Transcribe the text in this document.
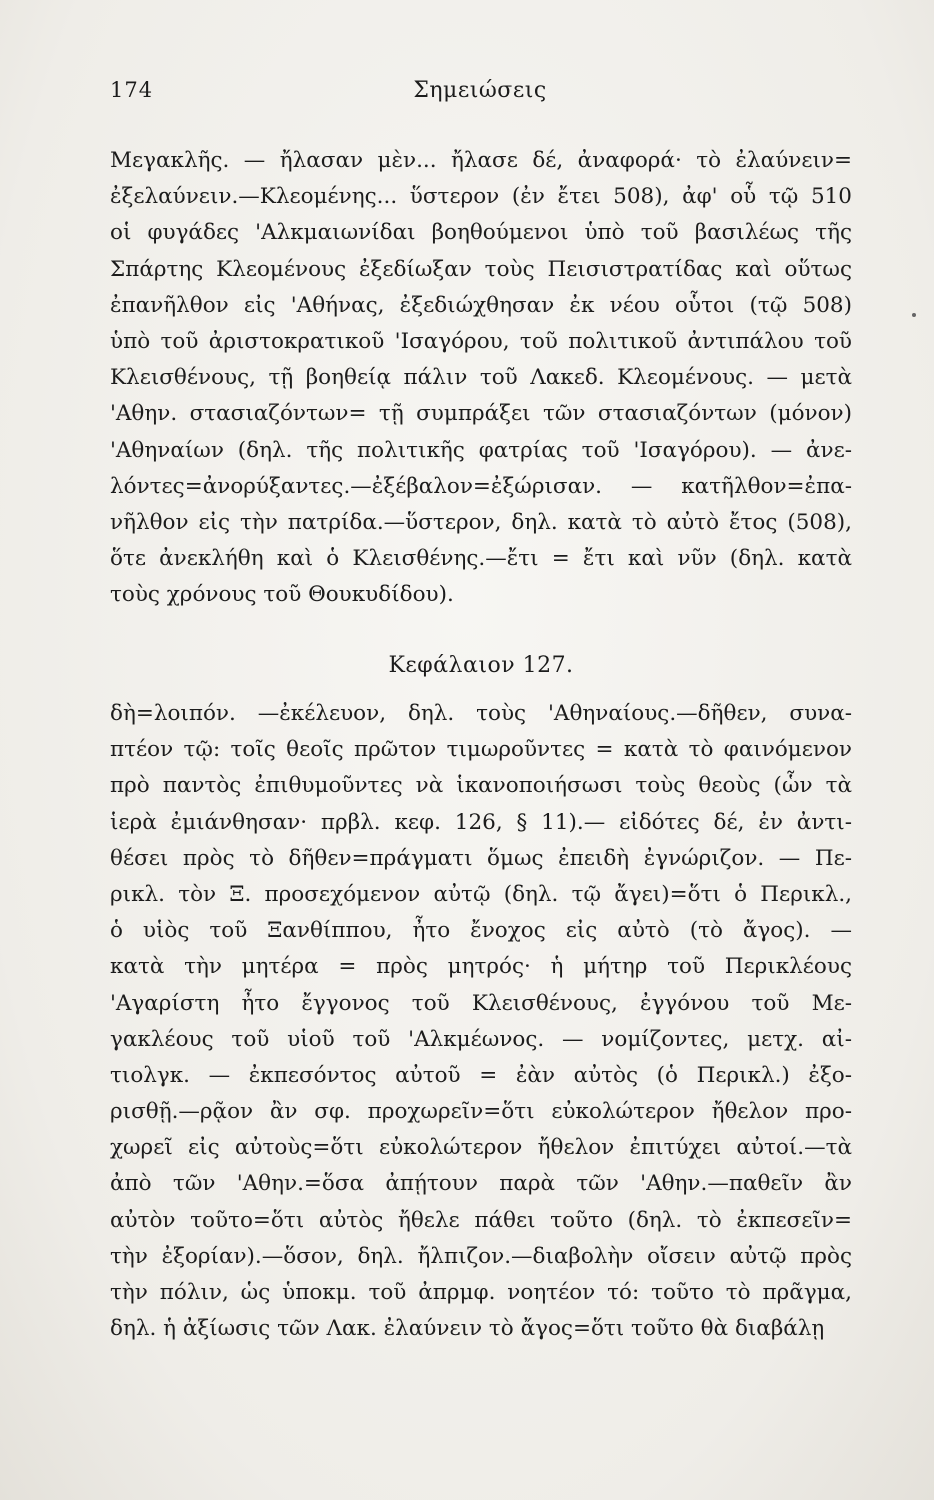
174	Σημειώσεις
Μεγακλῆς. — ἤλασαν μὲν... ἤλασε δέ, ἀναφορά· τὸ ἐλαύνειν=
ἐξελαύνειν.—Κλεομένης... ὕστερον (ἐν ἔτει 508), ἀφ' οὗ τῷ 510
οἱ φυγάδες 'Αλκμαιωνίδαι βοηθούμενοι ὑπὸ τοῦ βασιλέως τῆς
Σπάρτης Κλεομένους ἐξεδίωξαν τοὺς Πεισιστρατίδας καὶ οὕτως
ἐπανῆλθον εἰς 'Αθήνας, ἐξεδιώχθησαν ἐκ νέου οὗτοι (τῷ 508)
ὑπὸ τοῦ ἀριστοκρατικοῦ 'Ισαγόρου, τοῦ πολιτικοῦ ἀντιπάλου τοῦ
Κλεισθένους, τῇ βοηθείᾳ πάλιν τοῦ Λακεδ. Κλεομένους. — μετὰ
'Αθην. στασιαζόντων= τῇ συμπράξει τῶν στασιαζόντων (μόνον)
'Αθηναίων (δηλ. τῆς πολιτικῆς φατρίας τοῦ 'Ισαγόρου). — ἀνε-
λόντες=ἀνορύξαντες.—ἐξέβαλον=ἐξώρισαν. — κατῆλθον=ἐπα-
νῆλθον εἰς τὴν πατρίδα.—ὕστερον, δηλ. κατὰ τὸ αὐτὸ ἔτος (508),
ὅτε ἀνεκλήθη καὶ ὁ Κλεισθένης.—ἔτι = ἔτι καὶ νῦν (δηλ. κατὰ
τοὺς χρόνους τοῦ Θουκυδίδου).
Κεφάλαιον 127.
δὴ=λοιπόν. —ἐκέλευον, δηλ. τοὺς 'Αθηναίους.—δῆθεν, συνα-
πτέον τῷ: τοῖς θεοῖς πρῶτον τιμωροῦντες = κατὰ τὸ φαινόμενον
πρὸ παντὸς ἐπιθυμοῦντες νὰ ἱκανοποιήσωσι τοὺς θεοὺς (ὧν τὰ
ἱερὰ ἐμιάνθησαν· πρβλ. κεφ. 126, § 11).— εἰδότες δέ, ἐν ἀντι-
θέσει πρὸς τὸ δῆθεν=πράγματι ὅμως ἐπειδὴ ἐγνώριζον. — Πε-
ρικλ. τὸν Ξ. προσεχόμενον αὐτῷ (δηλ. τῷ ἄγει)=ὅτι ὁ Περικλ.,
ὁ υἱὸς τοῦ Ξανθίππου, ἦτο ἔνοχος εἰς αὐτὸ (τὸ ἄγος). —
κατὰ τὴν μητέρα = πρὸς μητρός· ἡ μήτηρ τοῦ Περικλέους
'Αγαρίστη ἦτο ἔγγονος τοῦ Κλεισθένους, ἐγγόνου τοῦ Με-
γακλέους τοῦ υἱοῦ τοῦ 'Αλκμέωνος. — νομίζοντες, μετχ. αἰ-
τιολγκ. — ἐκπεσόντος αὐτοῦ = ἐὰν αὐτὸς (ὁ Περικλ.) ἐξο-
ρισθῇ.—ρᾷον ἂν σφ. προχωρεῖν=ὅτι εὐκολώτερον ἤθελον προ-
χωρεῖ εἰς αὐτοὺς=ὅτι εὐκολώτερον ἤθελον ἐπιτύχει αὐτοί.—τὰ
ἀπὸ τῶν 'Αθην.=ὅσα ἀπῄτουν παρὰ τῶν 'Αθην.—παθεῖν ἂν
αὐτὸν τοῦτο=ὅτι αὐτὸς ἤθελε πάθει τοῦτο (δηλ. τὸ ἐκπεσεῖν=
τὴν ἐξορίαν).—ὅσον, δηλ. ἤλπιζον.—διαβολὴν οἴσειν αὐτῷ πρὸς
τὴν πόλιν, ὡς ὑποκμ. τοῦ ἀπρμφ. νοητέον τό: τοῦτο τὸ πρᾶγμα,
δηλ. ἡ ἀξίωσις τῶν Λακ. ἐλαύνειν τὸ ἄγος=ὅτι τοῦτο θὰ διαβάλῃ
